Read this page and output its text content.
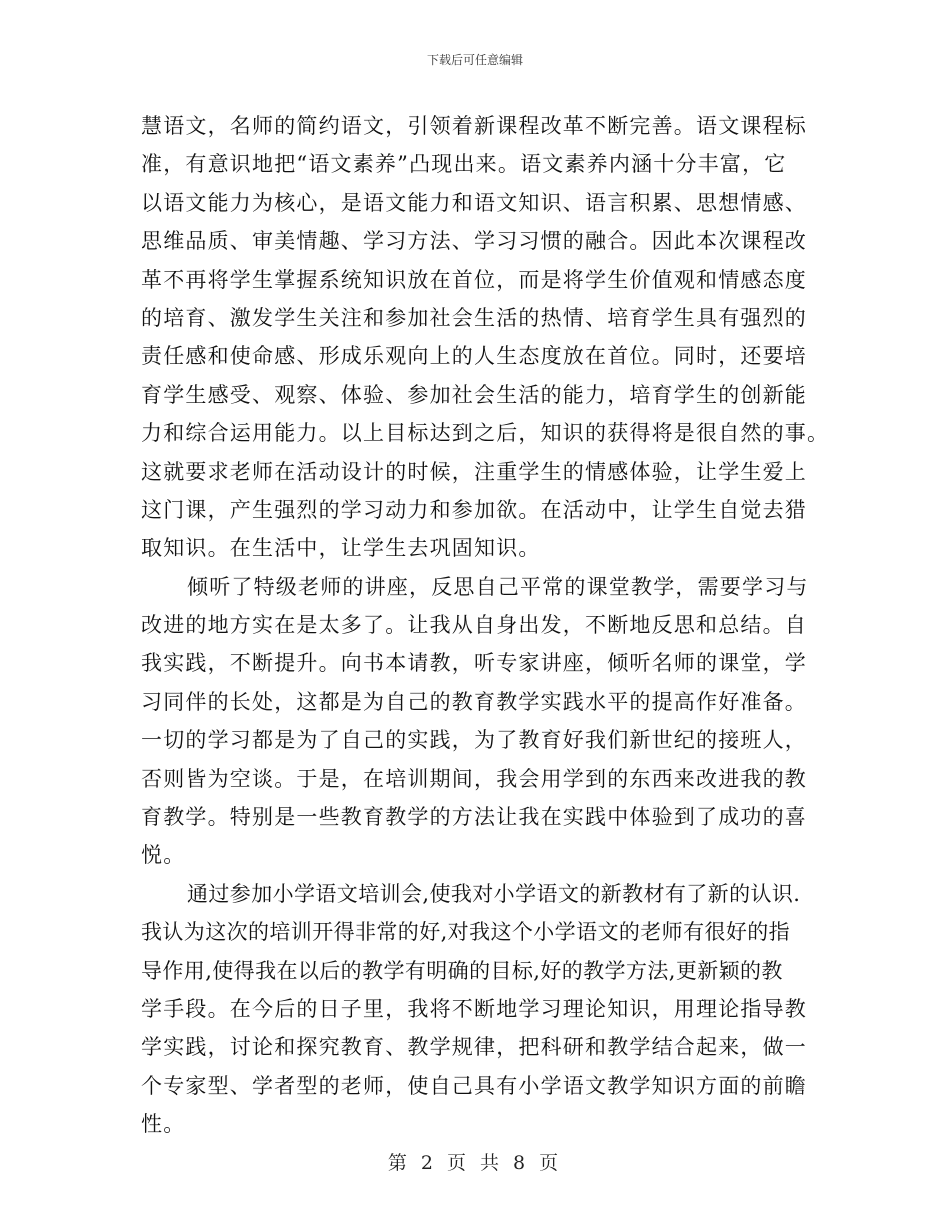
下载后可任意编辑
慧语文，名师的简约语文，引领着新课程改革不断完善。语文课程标
准，有意识地把“语文素养”凸现出来。语文素养内涵十分丰富，它
以语文能力为核心，是语文能力和语文知识、语言积累、思想情感、
思维品质、审美情趣、学习方法、学习习惯的融合。因此本次课程改
革不再将学生掌握系统知识放在首位，而是将学生价值观和情感态度
的培育、激发学生关注和参加社会生活的热情、培育学生具有强烈的
责任感和使命感、形成乐观向上的人生态度放在首位。同时，还要培
育学生感受、观察、体验、参加社会生活的能力，培育学生的创新能
力和综合运用能力。以上目标达到之后，知识的获得将是很自然的事。
这就要求老师在活动设计的时候，注重学生的情感体验，让学生爱上
这门课，产生强烈的学习动力和参加欲。在活动中，让学生自觉去猎
取知识。在生活中，让学生去巩固知识。
倾听了特级老师的讲座，反思自己平常的课堂教学，需要学习与
改进的地方实在是太多了。让我从自身出发，不断地反思和总结。自
我实践，不断提升。向书本请教，听专家讲座，倾听名师的课堂，学
习同伴的长处，这都是为自己的教育教学实践水平的提高作好准备。
一切的学习都是为了自己的实践，为了教育好我们新世纪的接班人，
否则皆为空谈。于是，在培训期间，我会用学到的东西来改进我的教
育教学。特别是一些教育教学的方法让我在实践中体验到了成功的喜
悦。
通过参加小学语文培训会,使我对小学语文的新教材有了新的认识.
我认为这次的培训开得非常的好,对我这个小学语文的老师有很好的指
导作用,使得我在以后的教学有明确的目标,好的教学方法,更新颖的教
学手段。在今后的日子里，我将不断地学习理论知识，用理论指导教
学实践，讨论和探究教育、教学规律，把科研和教学结合起来，做一
个专家型、学者型的老师，使自己具有小学语文教学知识方面的前瞻
性。
第 2 页 共 8 页
